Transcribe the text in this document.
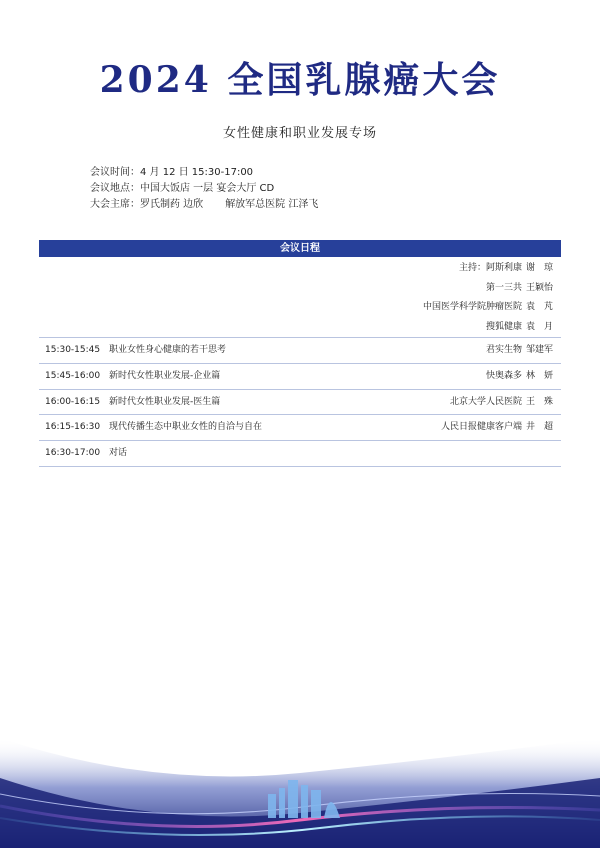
2024 全国乳腺癌大会
女性健康和职业发展专场
会议时间：4 月 12 日 15:30-17:00
会议地点：中国大饭店 一层 宴会大厅 CD
大会主席：罗氏制药 边欣 解放军总医院 江泽飞
会议日程
主持：阿斯利康 谢　琼
第一三共 王颖怡
中国医学科学院肿瘤医院 袁　芃
搜狐健康 袁　月
15:30-15:45 职业女性身心健康的若干思考	君实生物 邹建军
15:45-16:00 新时代女性职业发展-企业篇	快奥森多 林　妍
16:00-16:15 新时代女性职业发展-医生篇	北京大学人民医院 王　殊
16:15-16:30 现代传播生态中职业女性的自洽与自在	人民日报健康客户端 井　超
16:30-17:00 对话
